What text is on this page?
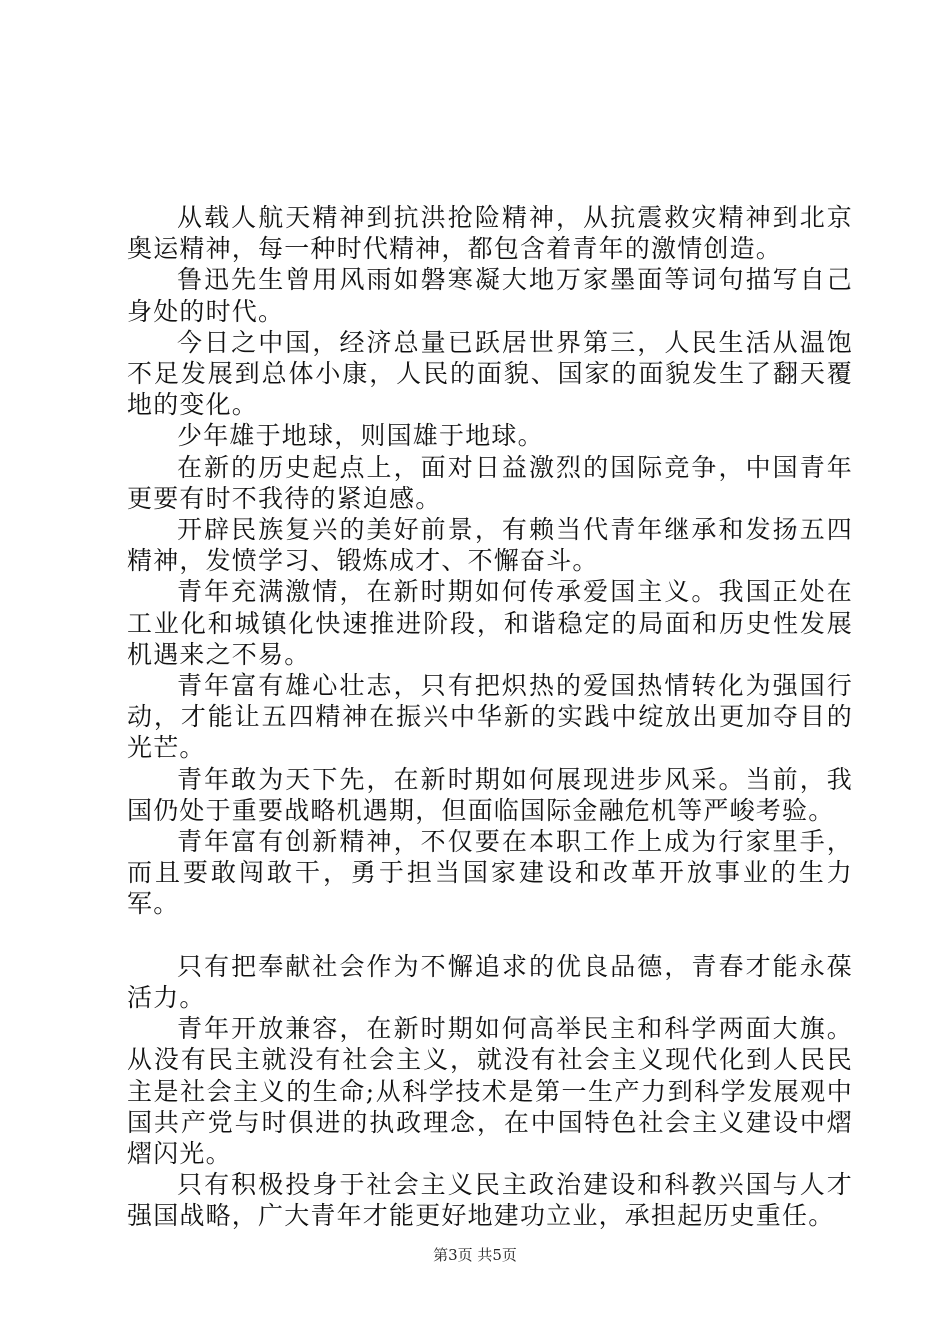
从载人航天精神到抗洪抢险精神，从抗震救灾精神到北京奥运精神，每一种时代精神，都包含着青年的激情创造。

鲁迅先生曾用风雨如磐寒凝大地万家墨面等词句描写自己身处的时代。

今日之中国，经济总量已跃居世界第三，人民生活从温饱不足发展到总体小康，人民的面貌、国家的面貌发生了翻天覆地的变化。

少年雄于地球，则国雄于地球。

在新的历史起点上，面对日益激烈的国际竞争，中国青年更要有时不我待的紧迫感。

开辟民族复兴的美好前景，有赖当代青年继承和发扬五四精神，发愤学习、锻炼成才、不懈奋斗。

青年充满激情，在新时期如何传承爱国主义。我国正处在工业化和城镇化快速推进阶段，和谐稳定的局面和历史性发展机遇来之不易。

青年富有雄心壮志，只有把炽热的爱国热情转化为强国行动，才能让五四精神在振兴中华新的实践中绽放出更加夺目的光芒。

青年敢为天下先，在新时期如何展现进步风采。当前，我国仍处于重要战略机遇期，但面临国际金融危机等严峻考验。

青年富有创新精神，不仅要在本职工作上成为行家里手，而且要敢闯敢干，勇于担当国家建设和改革开放事业的生力军。

只有把奉献社会作为不懈追求的优良品德，青春才能永葆活力。

青年开放兼容，在新时期如何高举民主和科学两面大旗。从没有民主就没有社会主义，就没有社会主义现代化到人民民主是社会主义的生命;从科学技术是第一生产力到科学发展观中国共产党与时俱进的执政理念，在中国特色社会主义建设中熠熠闪光。

只有积极投身于社会主义民主政治建设和科教兴国与人才强国战略，广大青年才能更好地建功立业，承担起历史重任。

第3页 共5页
